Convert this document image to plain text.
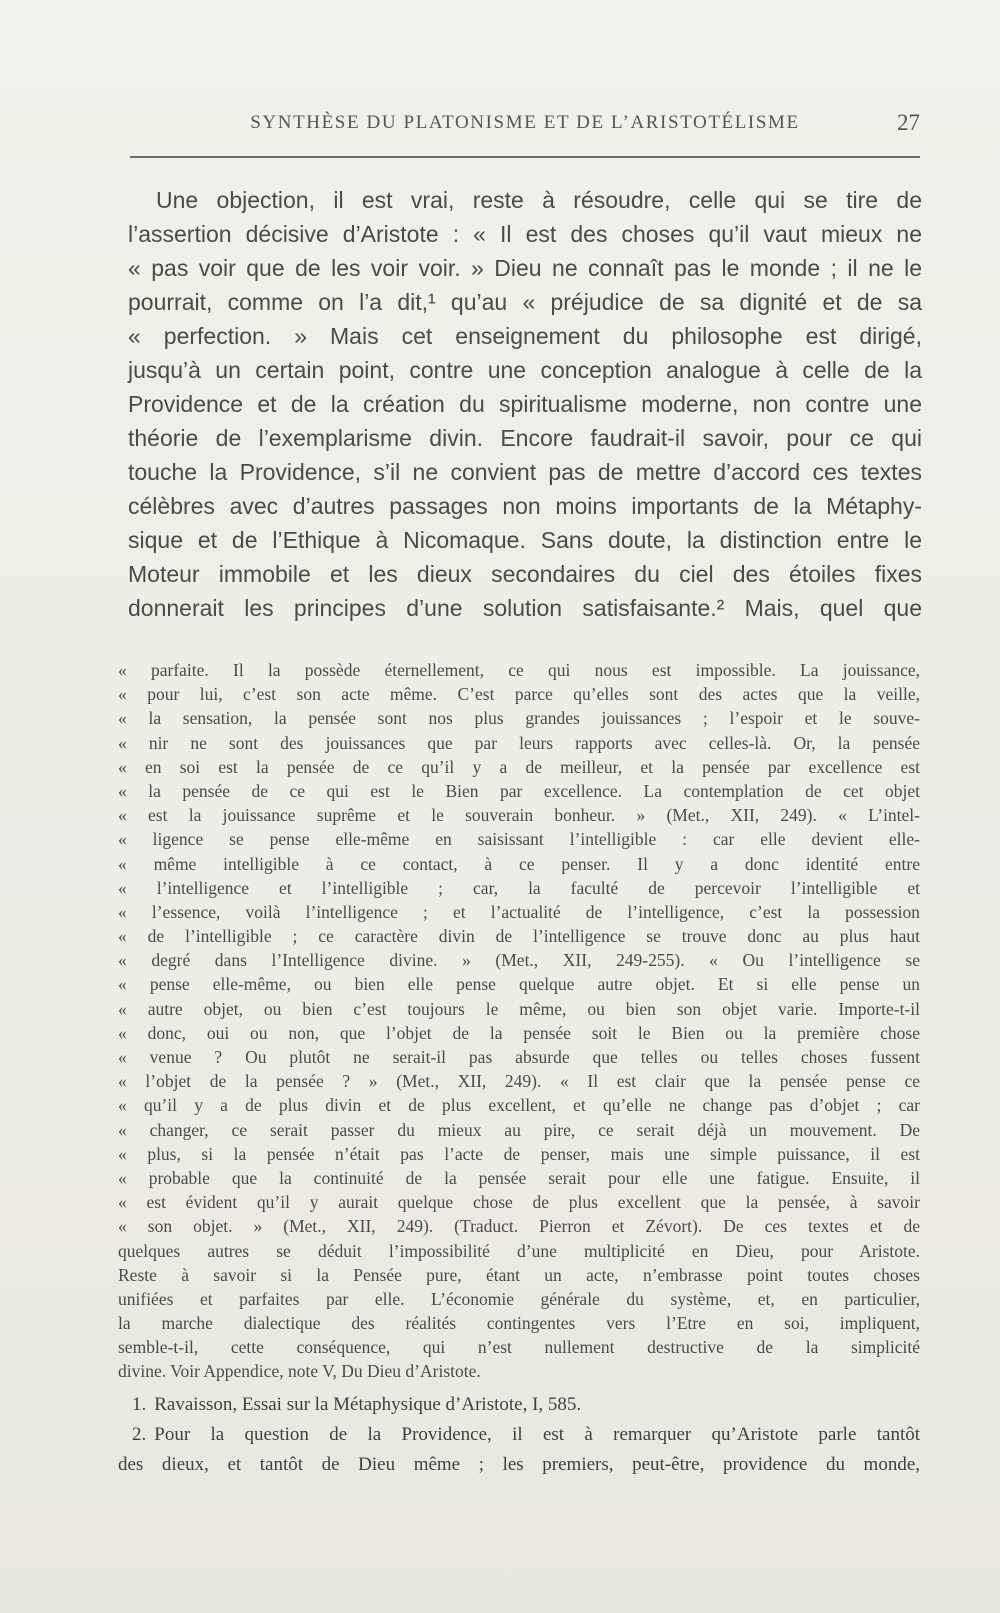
SYNTHÈSE DU PLATONISME ET DE L’ARISTOTÉLISME	27
Une objection, il est vrai, reste à résoudre, celle qui se tire de
l’assertion décisive d’Aristote : « Il est des choses qu’il vaut mieux ne
« pas voir que de les voir voir. » Dieu ne connaît pas le monde ; il ne le
pourrait, comme on l’a dit,¹ qu’au « préjudice de sa dignité et de sa
« perfection. » Mais cet enseignement du philosophe est dirigé,
jusqu’à un certain point, contre une conception analogue à celle de la
Providence et de la création du spiritualisme moderne, non contre une
théorie de l’exemplarisme divin. Encore faudrait-il savoir, pour ce qui
touche la Providence, s’il ne convient pas de mettre d’accord ces textes
célèbres avec d’autres passages non moins importants de la Métaphy-
sique et de l’Ethique à Nicomaque. Sans doute, la distinction entre le
Moteur immobile et les dieux secondaires du ciel des étoiles fixes
donnerait les principes d’une solution satisfaisante.² Mais, quel que
« parfaite. Il la possède éternellement, ce qui nous est impossible. La jouissance,
« pour lui, c’est son acte même. C’est parce qu’elles sont des actes que la veille,
« la sensation, la pensée sont nos plus grandes jouissances ; l’espoir et le souve-
« nir ne sont des jouissances que par leurs rapports avec celles-là. Or, la pensée
« en soi est la pensée de ce qu’il y a de meilleur, et la pensée par excellence est
« la pensée de ce qui est le Bien par excellence. La contemplation de cet objet
« est la jouissance suprême et le souverain bonheur. » (Met., XII, 249). « L’intel-
« ligence se pense elle-même en saisissant l’intelligible : car elle devient elle-
« même intelligible à ce contact, à ce penser. Il y a donc identité entre
« l’intelligence et l’intelligible ; car, la faculté de percevoir l’intelligible et
« l’essence, voilà l’intelligence ; et l’actualité de l’intelligence, c’est la possession
« de l’intelligible ; ce caractère divin de l’intelligence se trouve donc au plus haut
« degré dans l’Intelligence divine. » (Met., XII, 249-255). « Ou l’intelligence se
« pense elle-même, ou bien elle pense quelque autre objet. Et si elle pense un
« autre objet, ou bien c’est toujours le même, ou bien son objet varie. Importe-t-il
« donc, oui ou non, que l’objet de la pensée soit le Bien ou la première chose
« venue ? Ou plutôt ne serait-il pas absurde que telles ou telles choses fussent
« l’objet de la pensée ? » (Met., XII, 249). « Il est clair que la pensée pense ce
« qu’il y a de plus divin et de plus excellent, et qu’elle ne change pas d’objet ; car
« changer, ce serait passer du mieux au pire, ce serait déjà un mouvement. De
« plus, si la pensée n’était pas l’acte de penser, mais une simple puissance, il est
« probable que la continuité de la pensée serait pour elle une fatigue. Ensuite, il
« est évident qu’il y aurait quelque chose de plus excellent que la pensée, à savoir
« son objet. » (Met., XII, 249). (Traduct. Pierron et Zévort). De ces textes et de
quelques autres se déduit l’impossibilité d’une multiplicité en Dieu, pour Aristote.
Reste à savoir si la Pensée pure, étant un acte, n’embrasse point toutes choses
unifiées et parfaites par elle. L’économie générale du système, et, en particulier,
la marche dialectique des réalités contingentes vers l’Etre en soi, impliquent,
semble-t-il, cette conséquence, qui n’est nullement destructive de la simplicité
divine. Voir Appendice, note V, Du Dieu d’Aristote.
1. Ravaisson, Essai sur la Métaphysique d’Aristote, I, 585.
2. Pour la question de la Providence, il est à remarquer qu’Aristote parle tantôt
des dieux, et tantôt de Dieu même ; les premiers, peut-être, providence du monde,
